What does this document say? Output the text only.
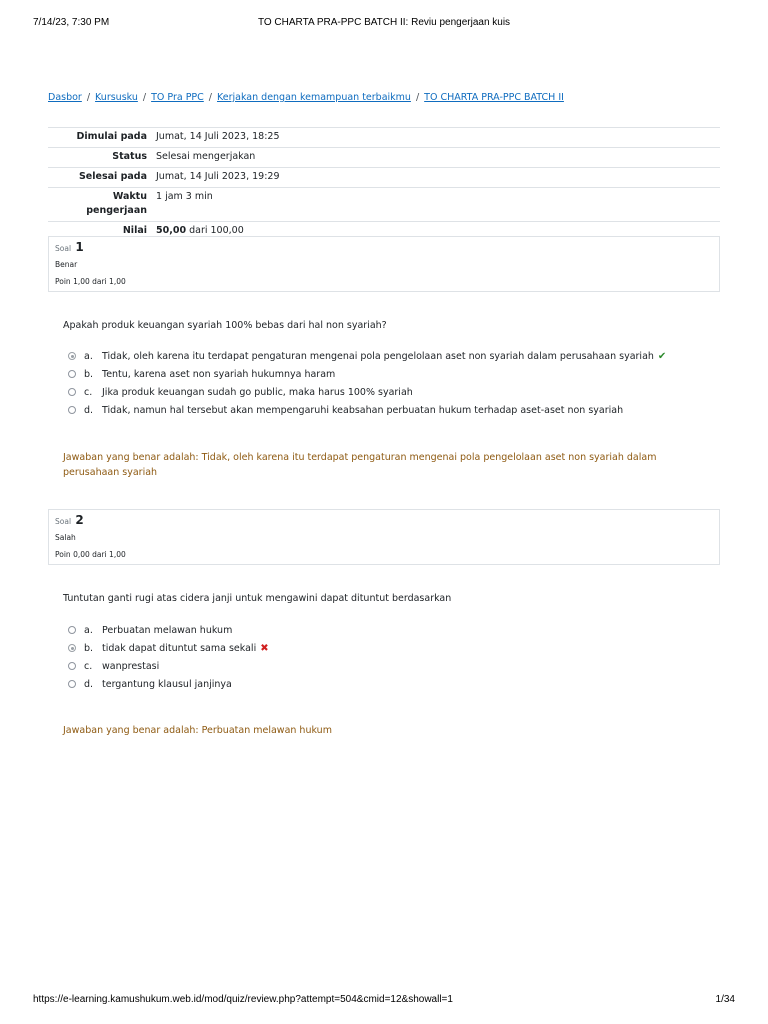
7/14/23, 7:30 PM	TO CHARTA PRA-PPC BATCH II: Reviu pengerjaan kuis
Dasbor / Kursusku / TO Pra PPC / Kerjakan dengan kemampuan terbaikmu / TO CHARTA PRA-PPC BATCH II
Dimulai pada	Jumat, 14 Juli 2023, 18:25
Status	Selesai mengerjakan
Selesai pada	Jumat, 14 Juli 2023, 19:29
Waktu
pengerjaan	1 jam 3 min
Nilai	50,00 dari 100,00
Soal 1
Benar
Poin 1,00 dari 1,00
Apakah produk keuangan syariah 100% bebas dari hal non syariah?
a. Tidak, oleh karena itu terdapat pengaturan mengenai pola pengelolaan aset non syariah dalam perusahaan syariah ✔
b. Tentu, karena aset non syariah hukumnya haram
c. Jika produk keuangan sudah go public, maka harus 100% syariah
d. Tidak, namun hal tersebut akan mempengaruhi keabsahan perbuatan hukum terhadap aset-aset non syariah
Jawaban yang benar adalah: Tidak, oleh karena itu terdapat pengaturan mengenai pola pengelolaan aset non syariah dalam perusahaan syariah
Soal 2
Salah
Poin 0,00 dari 1,00
Tuntutan ganti rugi atas cidera janji untuk mengawini dapat dituntut berdasarkan
a. Perbuatan melawan hukum
b. tidak dapat dituntut sama sekali ✖
c. wanprestasi
d. tergantung klausul janjinya
Jawaban yang benar adalah: Perbuatan melawan hukum
https://e-learning.kamushukum.web.id/mod/quiz/review.php?attempt=504&cmid=12&showall=1	1/34
